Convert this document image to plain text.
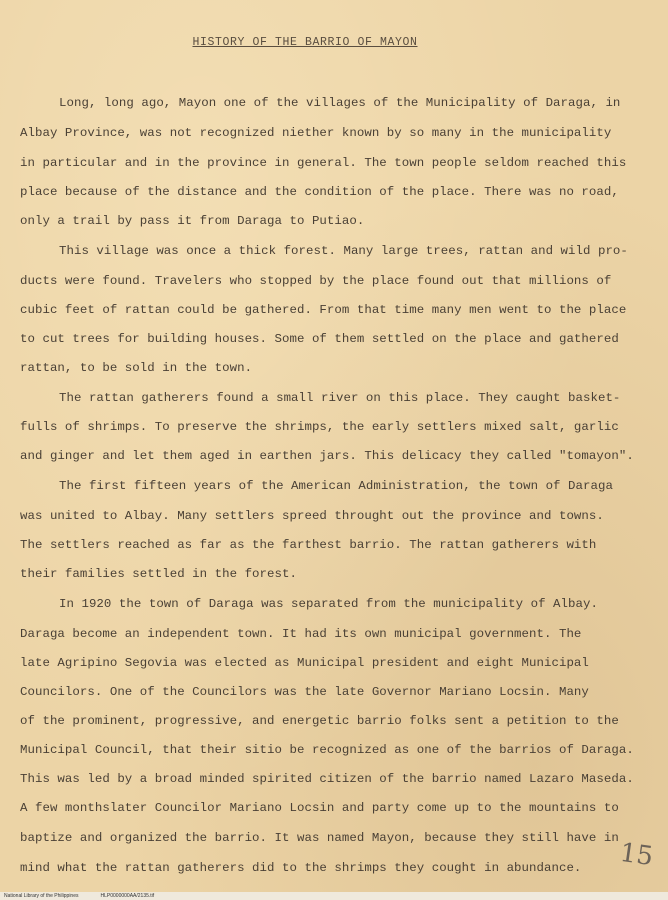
HISTORY OF THE BARRIO OF MAYON
Long, long ago, Mayon one of the villages of the Municipality of Daraga, in
Albay Province, was not recognized niether known by so many in the municipality
in particular and in the province in general. The town people seldom reached this
place because of the distance and the condition of the place. There was no road,
only a trail by pass it from Daraga to Putiao.
This village was once a thick forest. Many large trees, rattan and wild pro-
ducts were found. Travelers who stopped by the place found out that millions of
cubic feet of rattan could be gathered. From that time many men went to the place
to cut trees for building houses. Some of them settled on the place and gathered
rattan, to be sold in the town.
The rattan gatherers found a small river on this place. They caught basket-
fulls of shrimps. To preserve the shrimps, the early settlers mixed salt, garlic
and ginger and let them aged in earthen jars. This delicacy they called "tomayon".
The first fifteen years of the American Administration, the town of Daraga
was united to Albay. Many settlers spreed throught out the province and towns.
The settlers reached as far as the farthest barrio. The rattan gatherers with
their families settled in the forest.
In 1920 the town of Daraga was separated from the municipality of Albay.
Daraga become an independent town. It had its own municipal government. The
late Agripino Segovia was elected as Municipal president and eight Municipal
Councilors. One of the Councilors was the late Governor Mariano Locsin. Many
of the prominent, progressive, and energetic barrio folks sent a petition to the
Municipal Council, that their sitio be recognized as one of the barrios of Daraga.
This was led by a broad minded spirited citizen of the barrio named Lazaro Maseda.
A few monthslater Councilor Mariano Locsin and party come up to the mountains to
baptize and organized the barrio. It was named Mayon, because they still have in
mind what the rattan gatherers did to the shrimps they cought in abundance. 15
National Library of the Philippines	HLP0000000AA/2135.tif
